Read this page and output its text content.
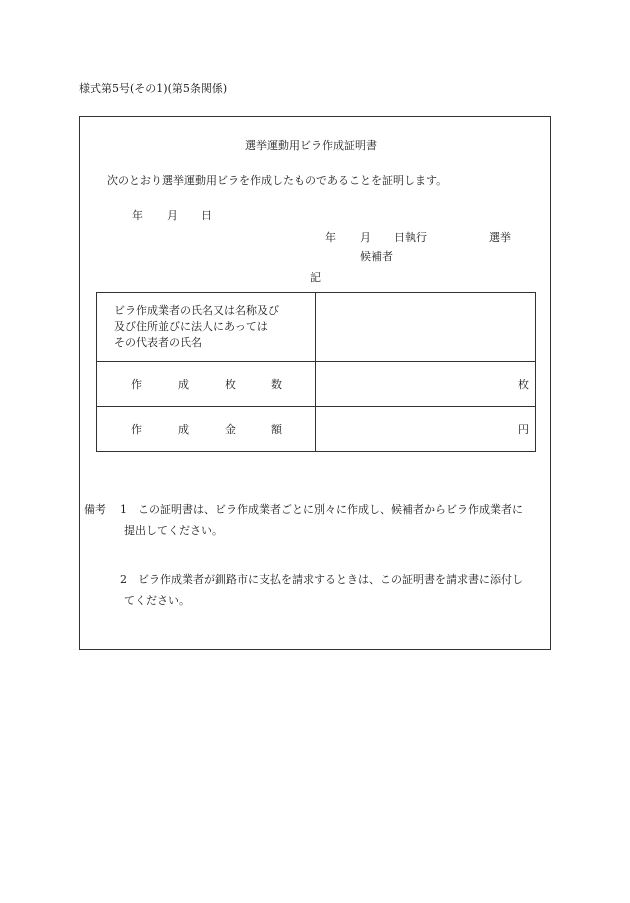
様式第5号(その1)(第5条関係)
選挙運動用ビラ作成証明書
次のとおり選挙運動用ビラを作成したものであることを証明します。
年 月 日
年 月 日執行	選挙
候補者
記
ビラ作成業者の氏名又は名称及び
及び住所並びに法人にあっては
その代表者の氏名	

作 成 枚 数	枚

作 成 金 額	円
備考 1 この証明書は、ビラ作成業者ごとに別々に作成し、候補者からビラ作成業者に
提出してください。
2 ビラ作成業者が釧路市に支払を請求するときは、この証明書を請求書に添付し
てください。
